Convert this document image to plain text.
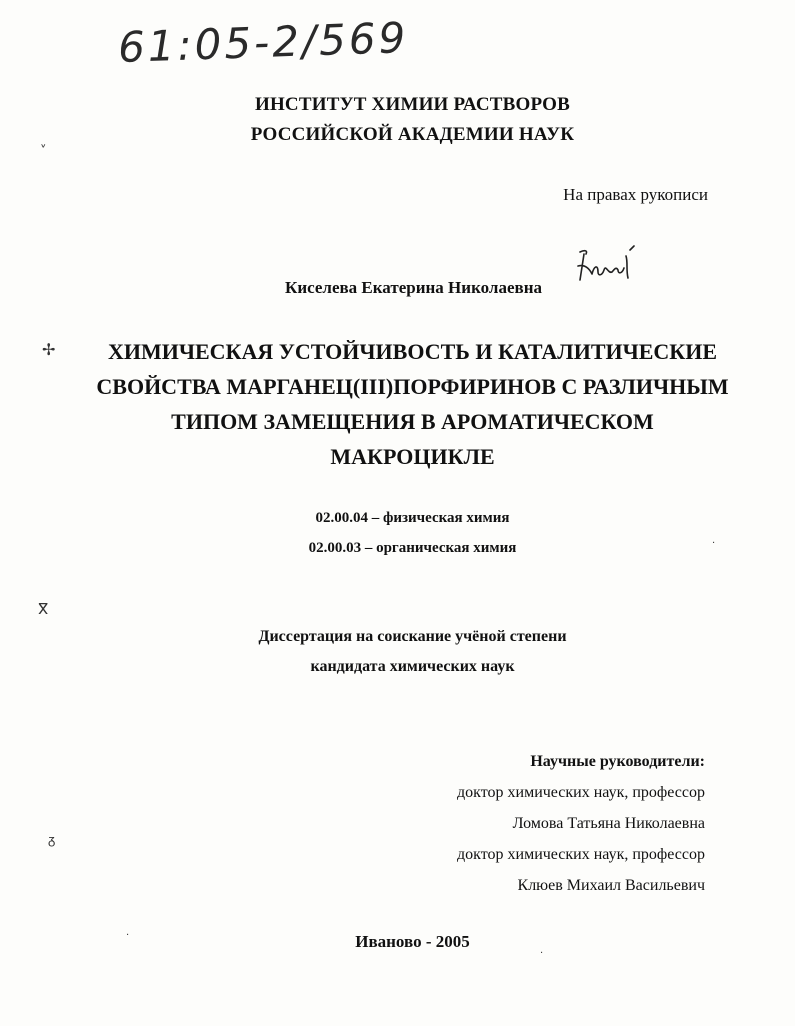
61:05-2/569
ИНСТИТУТ ХИМИИ РАСТВОРОВ
РОССИЙСКОЙ АКАДЕМИИ НАУК
На правах рукописи
Киселева Екатерина Николаевна
ХИМИЧЕСКАЯ УСТОЙЧИВОСТЬ И КАТАЛИТИЧЕСКИЕ
СВОЙСТВА МАРГАНЕЦ(III)ПОРФИРИНОВ С РАЗЛИЧНЫМ
ТИПОМ ЗАМЕЩЕНИЯ В АРОМАТИЧЕСКОМ
МАКРОЦИКЛЕ
02.00.04 – физическая химия
02.00.03 – органическая химия
Диссертация на соискание учёной степени
кандидата химических наук
Научные руководители:
доктор химических наук, профессор
Ломова Татьяна Николаевна
доктор химических наук, профессор
Клюев Михаил Васильевич
Иваново - 2005
˅
✢
ⴳ
ᵹ
·
·
·
